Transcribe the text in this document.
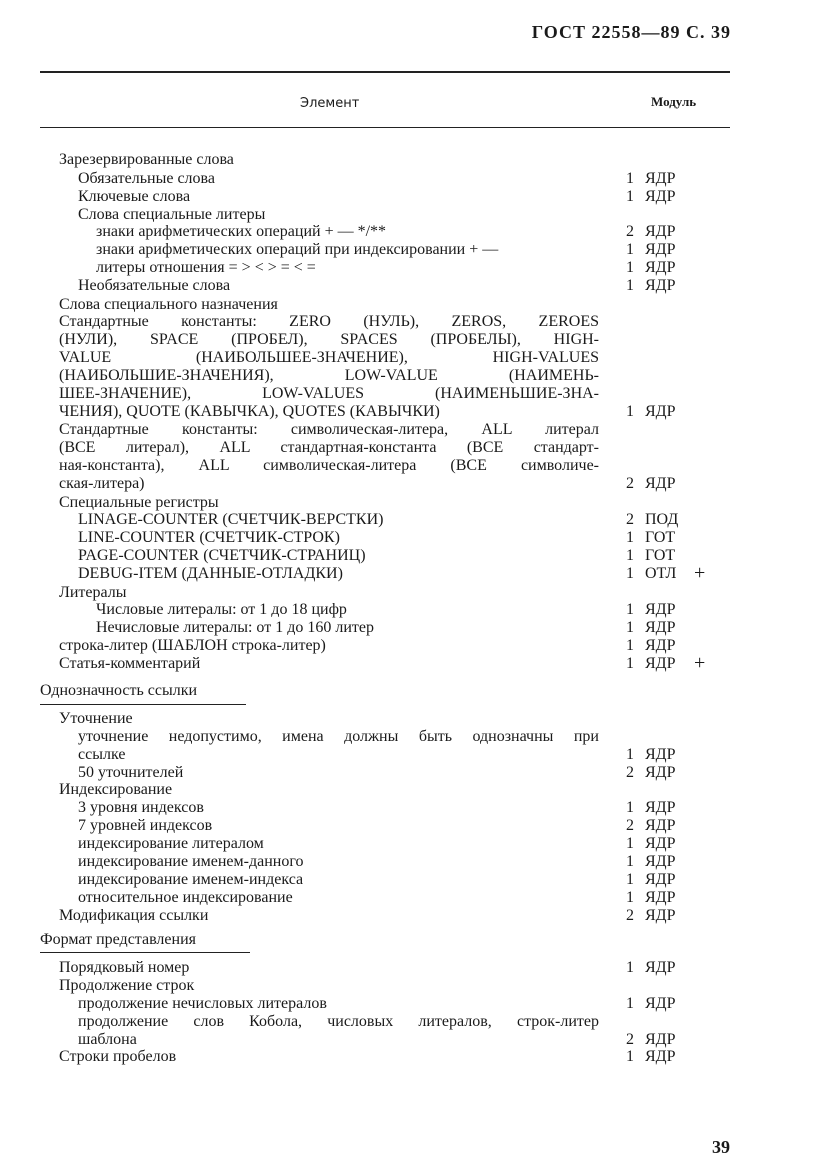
ГОСТ 22558—89 С. 39
Элемент	Модуль
Однозначность ссылки
Формат представления
Зарезервированные слова
Обязательные слова	1 ЯДР
Ключевые слова	1 ЯДР
Слова специальные литеры
знаки арифметических операций + — */**	2 ЯДР
знаки арифметических операций при индексировании + —	1 ЯДР
литеры отношения = > < > = < =	1 ЯДР
Необязательные слова	1 ЯДР
Слова специального назначения
Стандартные константы: ZERO (НУЛЬ), ZEROS, ZEROES
(НУЛИ), SPACE (ПРОБЕЛ), SPACES (ПРОБЕЛЫ), HIGH-
VALUE (НАИБОЛЬШЕЕ-ЗНАЧЕНИЕ), HIGH-VALUES
(НАИБОЛЬШИЕ-ЗНАЧЕНИЯ), LOW-VALUE (НАИМЕНЬ-
ШЕЕ-ЗНАЧЕНИЕ), LOW-VALUES (НАИМЕНЬШИЕ-ЗНА-
ЧЕНИЯ), QUOTE (КАВЫЧКА), QUOTES (КАВЫЧКИ)	1 ЯДР
Стандартные константы: символическая-литера, ALL литерал
(ВСЕ литерал), ALL стандартная-константа (ВСЕ стандарт-
ная-константа), ALL символическая-литера (ВСЕ символиче-
ская-литера)	2 ЯДР
Специальные регистры
LINAGE-COUNTER (СЧЕТЧИК-ВЕРСТКИ)	2 ПОД
LINE-COUNTER (СЧЕТЧИК-СТРОК)	1 ГОТ
PAGE-COUNTER (СЧЕТЧИК-СТРАНИЦ)	1 ГОТ
DEBUG-ITEM (ДАННЫЕ-ОТЛАДКИ)	1 ОТЛ +
Литералы
Числовые литералы: от 1 до 18 цифр	1 ЯДР
Нечисловые литералы: от 1 до 160 литер	1 ЯДР
строка-литер (ШАБЛОН строка-литер)	1 ЯДР
Статья-комментарий	1 ЯДР +
Уточнение
уточнение недопустимо, имена должны быть однозначны при
ссылке	1 ЯДР
50 уточнителей	2 ЯДР
Индексирование
3 уровня индексов	1 ЯДР
7 уровней индексов	2 ЯДР
индексирование литералом	1 ЯДР
индексирование именем-данного	1 ЯДР
индексирование именем-индекса	1 ЯДР
относительное индексирование	1 ЯДР
Модификация ссылки	2 ЯДР
Порядковый номер	1 ЯДР
Продолжение строк
продолжение нечисловых литералов	1 ЯДР
продолжение слов Кобола, числовых литералов, строк-литер
шаблона	2 ЯДР
Строки пробелов	1 ЯДР
39
